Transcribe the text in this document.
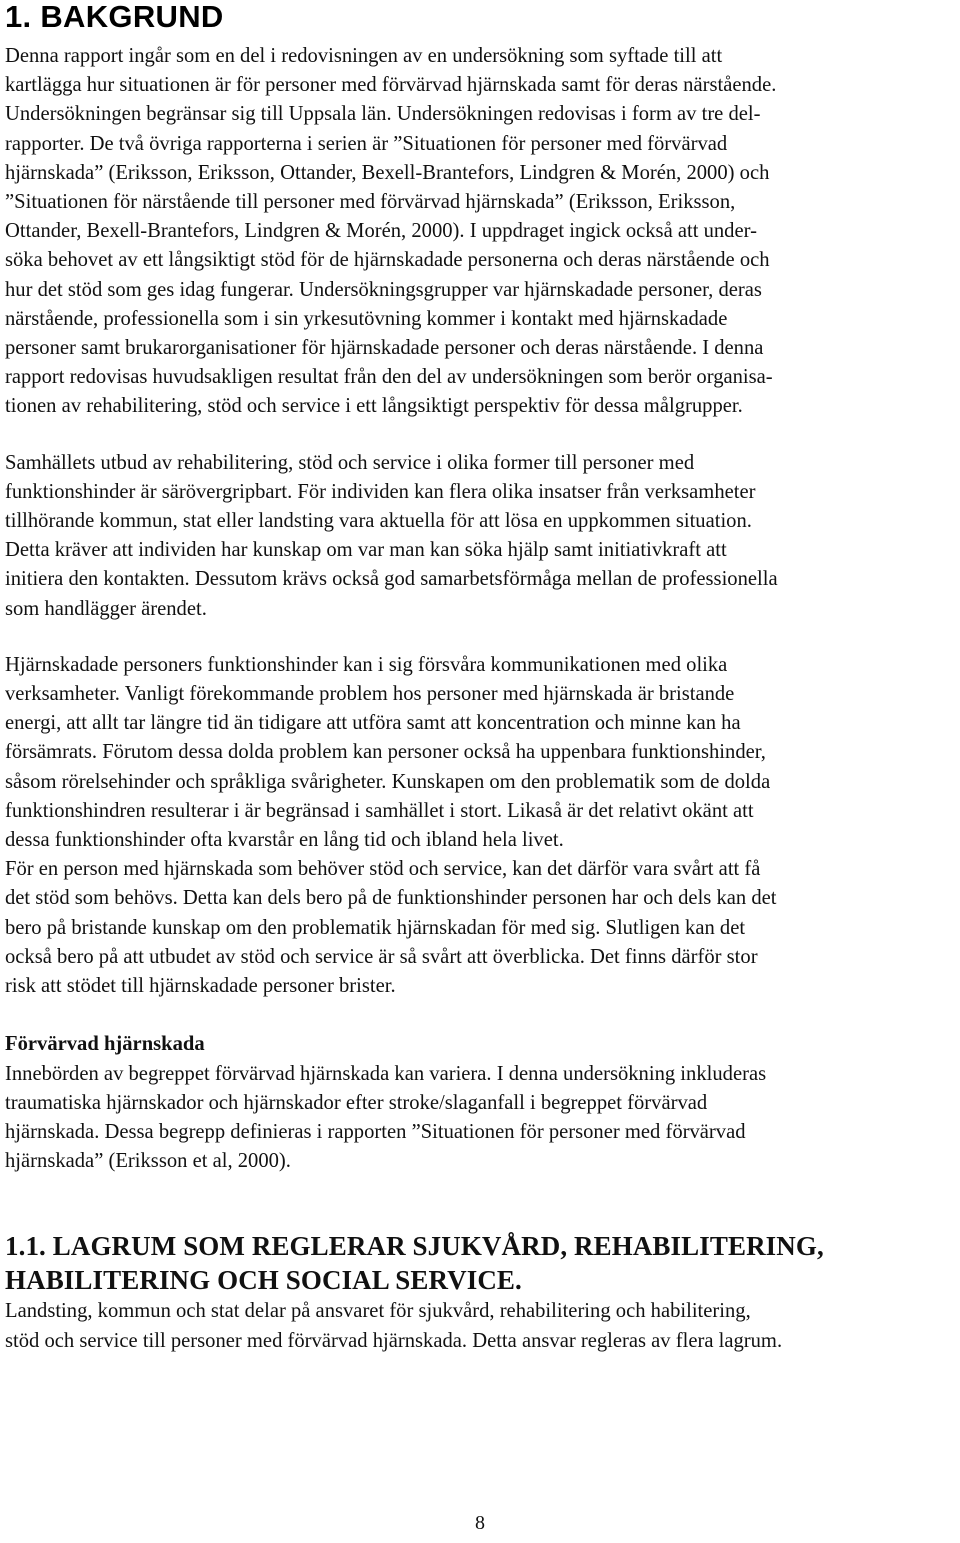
1. BAKGRUND
Denna rapport ingår som en del i redovisningen av en undersökning som syftade till att
kartlägga hur situationen är för personer med förvärvad hjärnskada samt för deras närstående.
Undersökningen begränsar sig till Uppsala län. Undersökningen redovisas i form av tre del-
rapporter. De två övriga rapporterna i serien är ”Situationen för personer med förvärvad
hjärnskada” (Eriksson, Eriksson, Ottander, Bexell-Brantefors, Lindgren & Morén, 2000) och
”Situationen för närstående till personer med förvärvad hjärnskada” (Eriksson, Eriksson,
Ottander, Bexell-Brantefors, Lindgren & Morén, 2000). I uppdraget ingick också att under-
söka behovet av ett långsiktigt stöd för de hjärnskadade personerna och deras närstående och
hur det stöd som ges idag fungerar. Undersökningsgrupper var hjärnskadade personer, deras
närstående, professionella som i sin yrkesutövning kommer i kontakt med hjärnskadade
personer samt brukarorganisationer för hjärnskadade personer och deras närstående. I denna
rapport redovisas huvudsakligen resultat från den del av undersökningen som berör organisa-
tionen av rehabilitering, stöd och service i ett långsiktigt perspektiv för dessa målgrupper.
Samhällets utbud av rehabilitering, stöd och service i olika former till personer med
funktionshinder är särövergripbart. För individen kan flera olika insatser från verksamheter
tillhörande kommun, stat eller landsting vara aktuella för att lösa en uppkommen situation.
Detta kräver att individen har kunskap om var man kan söka hjälp samt initiativkraft att
initiera den kontakten. Dessutom krävs också god samarbetsförmåga mellan de professionella
som handlägger ärendet.
Hjärnskadade personers funktionshinder kan i sig försvåra kommunikationen med olika
verksamheter. Vanligt förekommande problem hos personer med hjärnskada är bristande
energi, att allt tar längre tid än tidigare att utföra samt att koncentration och minne kan ha
försämrats. Förutom dessa dolda problem kan personer också ha uppenbara funktionshinder,
såsom rörelsehinder och språkliga svårigheter. Kunskapen om den problematik som de dolda
funktionshindren resulterar i är begränsad i samhället i stort. Likaså är det relativt okänt att
dessa funktionshinder ofta kvarstår en lång tid och ibland hela livet.
För en person med hjärnskada som behöver stöd och service, kan det därför vara svårt att få
det stöd som behövs. Detta kan dels bero på de funktionshinder personen har och dels kan det
bero på bristande kunskap om den problematik hjärnskadan för med sig. Slutligen kan det
också bero på att utbudet av stöd och service är så svårt att överblicka. Det finns därför stor
risk att stödet till hjärnskadade personer brister.
Förvärvad hjärnskada
Innebörden av begreppet förvärvad hjärnskada kan variera. I denna undersökning inkluderas
traumatiska hjärnskador och hjärnskador efter stroke/slaganfall i begreppet förvärvad
hjärnskada. Dessa begrepp definieras i rapporten ”Situationen för personer med förvärvad
hjärnskada” (Eriksson et al, 2000).
1.1. LAGRUM SOM REGLERAR SJUKVÅRD, REHABILITERING,
HABILITERING OCH SOCIAL SERVICE.
Landsting, kommun och stat delar på ansvaret för sjukvård, rehabilitering och habilitering,
stöd och service till personer med förvärvad hjärnskada. Detta ansvar regleras av flera lagrum.
8
